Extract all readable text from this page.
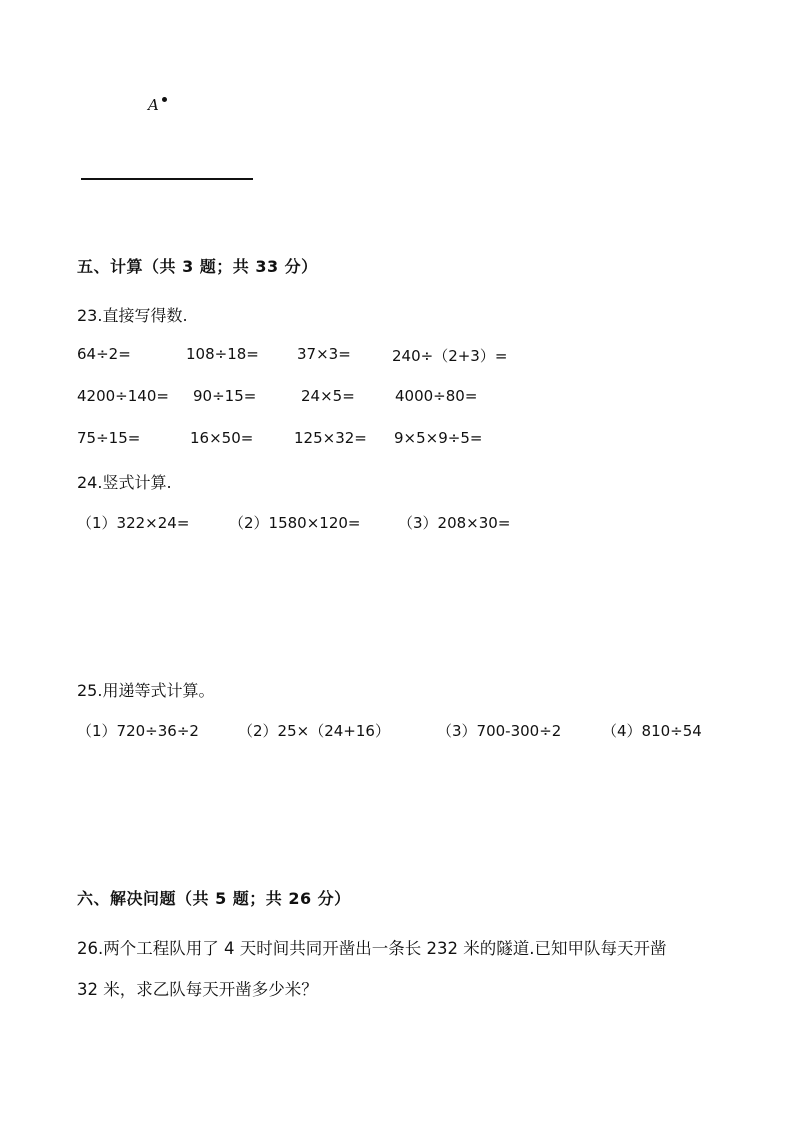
A
五、计算（共 3 题；共 33 分）
23.直接写得数.
64÷2=	108÷18=	37×3=	240÷（2+3）=
4200÷140= 90÷15=	24×5=	4000÷80=
75÷15=	16×50=	125×32= 9×5×9÷5=
24.竖式计算.
（1）322×24=	（2）1580×120=	（3）208×30=
25.用递等式计算。
（1）720÷36÷2	（2）25×（24+16）	（3）700-300÷2	（4）810÷54
六、解决问题（共 5 题；共 26 分）
26.两个工程队用了 4 天时间共同开凿出一条长 232 米的隧道.已知甲队每天开凿
32 米，求乙队每天开凿多少米？
